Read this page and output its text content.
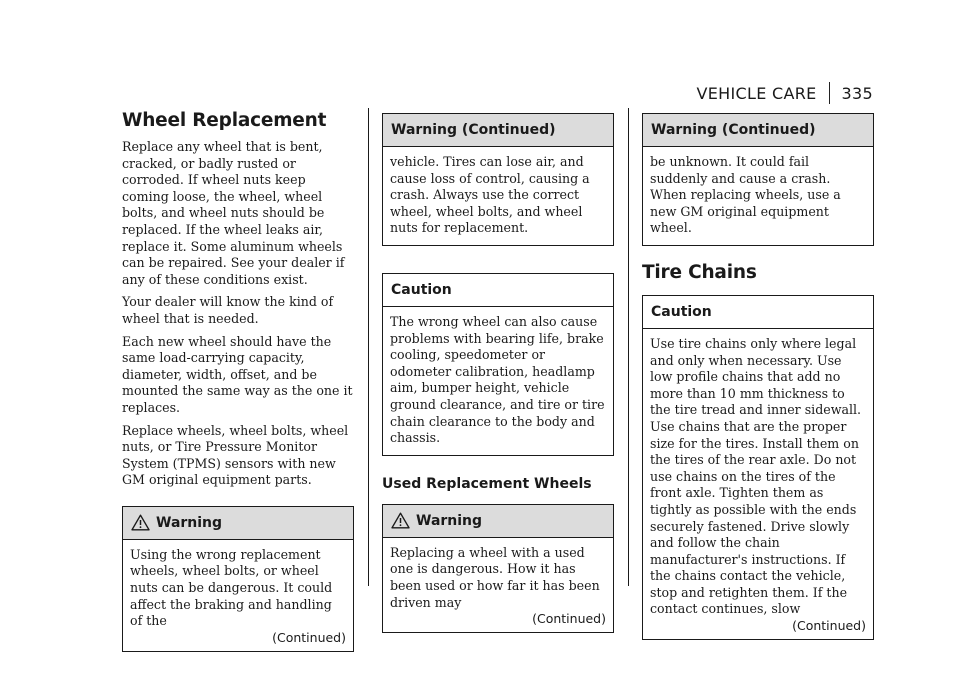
VEHICLE CARE	335
Wheel Replacement

Replace any wheel that is bent, cracked, or badly rusted or corroded. If wheel nuts keep coming loose, the wheel, wheel bolts, and wheel nuts should be replaced. If the wheel leaks air, replace it. Some aluminum wheels can be repaired. See your dealer if any of these conditions exist.

Your dealer will know the kind of wheel that is needed.

Each new wheel should have the same load-carrying capacity, diameter, width, offset, and be mounted the same way as the one it replaces.

Replace wheels, wheel bolts, wheel nuts, or Tire Pressure Monitor System (TPMS) sensors with new GM original equipment parts.

Warning

Using the wrong replacement wheels, wheel bolts, or wheel nuts can be dangerous. It could affect the braking and handling of the

(Continued)
Warning (Continued)

vehicle. Tires can lose air, and cause loss of control, causing a crash. Always use the correct wheel, wheel bolts, and wheel nuts for replacement.

Caution

The wrong wheel can also cause problems with bearing life, brake cooling, speedometer or odometer calibration, headlamp aim, bumper height, vehicle ground clearance, and tire or tire chain clearance to the body and chassis.

Used Replacement Wheels
Warning

Replacing a wheel with a used one is dangerous. How it has been used or how far it has been driven may

(Continued)
Warning (Continued)

be unknown. It could fail suddenly and cause a crash. When replacing wheels, use a new GM original equipment wheel.

Tire Chains
Caution

Use tire chains only where legal and only when necessary. Use low profile chains that add no more than 10 mm thickness to the tire tread and inner sidewall. Use chains that are the proper size for the tires. Install them on the tires of the rear axle. Do not use chains on the tires of the front axle. Tighten them as tightly as possible with the ends securely fastened. Drive slowly and follow the chain manufacturer's instructions. If the chains contact the vehicle, stop and retighten them. If the contact continues, slow

(Continued)
